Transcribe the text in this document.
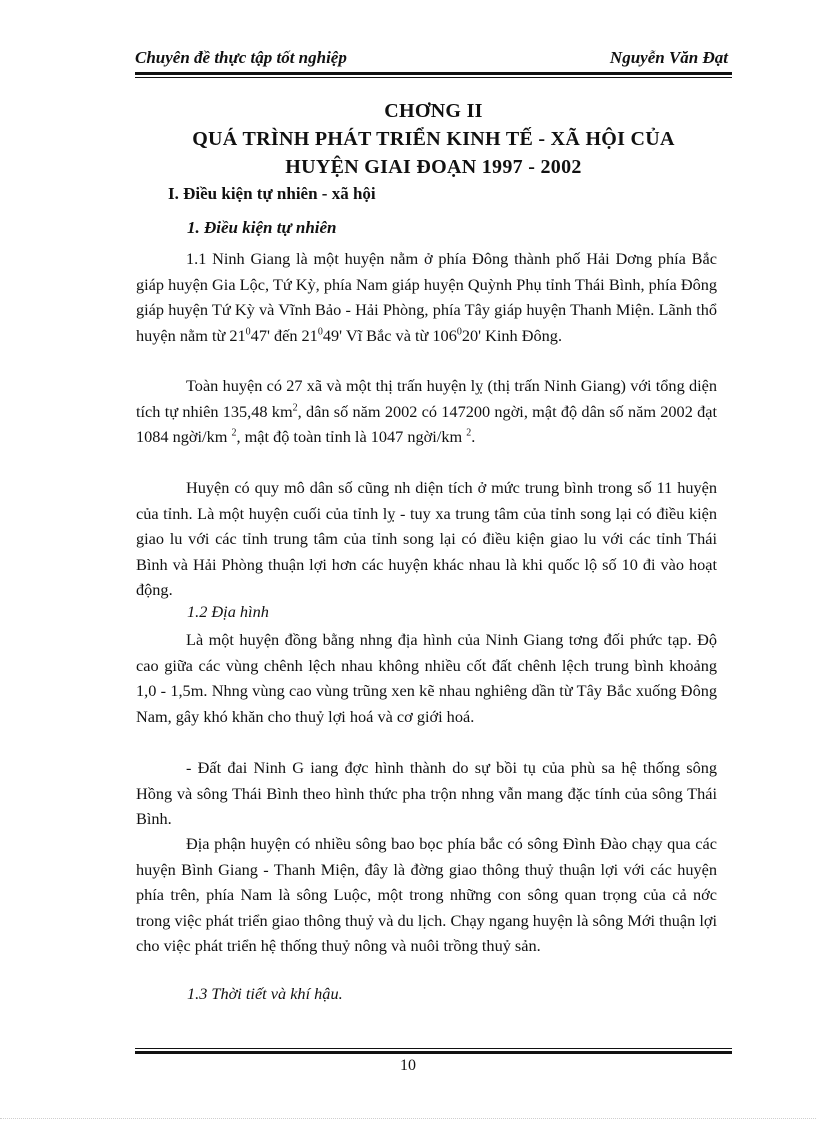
Chuyên đề thực tập tốt nghiệp	Nguyễn Văn Đạt
CHƠNG II
QUÁ TRÌNH PHÁT TRIỂN KINH TẾ - XÃ HỘI CỦA
HUYỆN GIAI ĐOẠN 1997 - 2002
I. Điều kiện tự nhiên - xã hội
1. Điều kiện tự nhiên

1.1 Ninh Giang là một huyện nằm ở phía Đông thành phố Hải Dơng phía Bắc giáp huyện Gia Lộc, Tứ Kỳ, phía Nam giáp huyện Quỳnh Phụ tỉnh Thái Bình, phía Đông giáp huyện Tứ Kỳ và Vĩnh Bảo - Hải Phòng, phía Tây giáp huyện Thanh Miện. Lãnh thổ huyện nằm từ $21^047'$ đến $21^049'$ Vĩ Bắc và từ $106^020'$ Kinh Đông.

Toàn huyện có 27 xã và một thị trấn huyện lỵ (thị trấn Ninh Giang) với tổng diện tích tự nhiên 135,48 $km^2$, dân số năm 2002 có 147200 ngời, mật độ dân số năm 2002 đạt 1084 ngời/km $^2$, mật độ toàn tỉnh là 1047 ngời/km $^2$.

Huyện có quy mô dân số cũng nh diện tích ở mức trung bình trong số 11 huyện của tỉnh. Là một huyện cuối của tỉnh lỵ - tuy xa trung tâm của tỉnh song lại có điều kiện giao lu với các tỉnh trung tâm của tỉnh song lại có điều kiện giao lu với các tỉnh Thái Bình và Hải Phòng thuận lợi hơn các huyện khác nhau là khi quốc lộ số 10 đi vào hoạt động.

1.2 Địa hình

Là một huyện đồng bằng nhng địa hình của Ninh Giang tơng đối phức tạp. Độ cao giữa các vùng chênh lệch nhau không nhiều cốt đất chênh lệch trung bình khoảng 1,0 - 1,5m. Nhng vùng cao vùng trũng xen kẽ nhau nghiêng dần từ Tây Bắc xuống Đông Nam, gây khó khăn cho thuỷ lợi hoá và cơ giới hoá.

- Đất đai Ninh G iang đợc hình thành do sự bồi tụ của phù sa hệ thống sông Hồng và sông Thái Bình theo hình thức pha trộn nhng vẫn mang đặc tính của sông Thái Bình.

Địa phận huyện có nhiều sông bao bọc phía bắc có sông Đình Đào chạy qua các huyện Bình Giang - Thanh Miện, đây là đờng giao thông thuỷ thuận lợi với các huyện phía trên, phía Nam là sông Luộc, một trong những con sông quan trọng của cả nớc trong việc phát triển giao thông thuỷ và du lịch. Chạy ngang huyện là sông Mới thuận lợi cho việc phát triển hệ thống thuỷ nông và nuôi trồng thuỷ sản.

1.3 Thời tiết và khí hậu.
10
